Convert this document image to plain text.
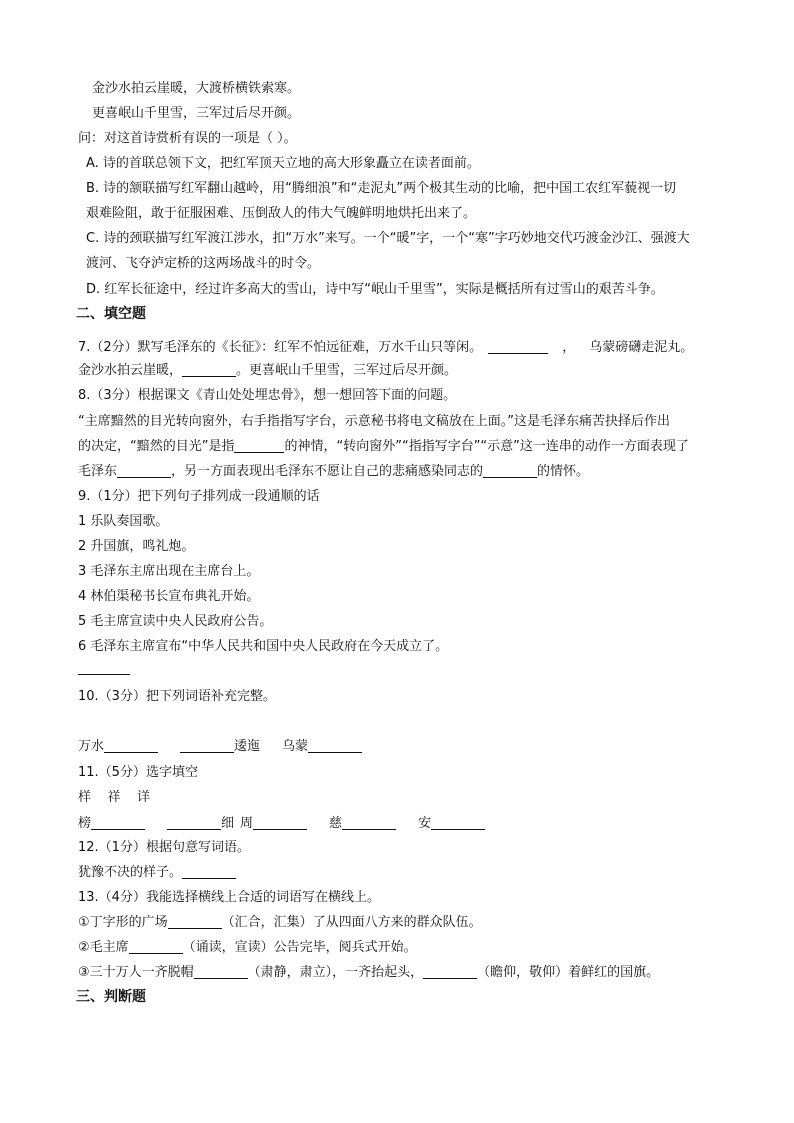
金沙水拍云崖暖，大渡桥横铁索寒。
更喜岷山千里雪，三军过后尽开颜。
问：对这首诗赏析有误的一项是（ ）。
A. 诗的首联总领下文，把红军顶天立地的高大形象矗立在读者面前。
B. 诗的颔联描写红军翻山越岭，用“腾细浪”和“走泥丸”两个极其生动的比喻，把中国工农红军藐视一切
艰难险阻，敢于征服困难、压倒敌人的伟大气魄鲜明地烘托出来了。
C. 诗的颈联描写红军渡江涉水，扣“万水”来写。一个“暖”字，一个“寒”字巧妙地交代巧渡金沙江、强渡大
渡河、飞夺泸定桥的这两场战斗的时令。
D. 红军长征途中，经过许多高大的雪山，诗中写“岷山千里雪”，实际是概括所有过雪山的艰苦斗争。
二、填空题
7.（2分）默写毛泽东的《长征》：红军不怕远征难，万水千山只等闲。	， 乌蒙磅礴走泥丸。
金沙水拍云崖暖，	。更喜岷山千里雪，三军过后尽开颜。
8.（3分）根据课文《青山处处埋忠骨》，想一想回答下面的问题。
“主席黯然的目光转向窗外，右手指指写字台，示意秘书将电文稿放在上面。”这是毛泽东痛苦抉择后作出
的决定，“黯然的目光”是指	的神情，“转向窗外”“指指写字台”“示意”这一连串的动作一方面表现了
毛泽东	，另一方面表现出毛泽东不愿让自己的悲痛感染同志的	的情怀。
9.（1分）把下列句子排列成一段通顺的话
1 乐队奏国歌。
2 升国旗，鸣礼炮。
3 毛泽东主席出现在主席台上。
4 林伯渠秘书长宣布典礼开始。
5 毛主席宣读中央人民政府公告。
6 毛泽东主席宣布“中华人民共和国中央人民政府在今天成立了。
10.（3分）把下列词语补充完整。
万水	逶迤 乌蒙
11.（5分）选字填空
样    祥    详
榜	细 周	慈	安
12.（1分）根据句意写词语。
犹豫不决的样子。
13.（4分）我能选择横线上合适的词语写在横线上。
①丁字形的广场	（汇合，汇集）了从四面八方来的群众队伍。
②毛主席	（诵读，宣读）公告完毕，阅兵式开始。
③三十万人一齐脱帽	（肃静，肃立），一齐抬起头，	（瞻仰，敬仰）着鲜红的国旗。
三、判断题
